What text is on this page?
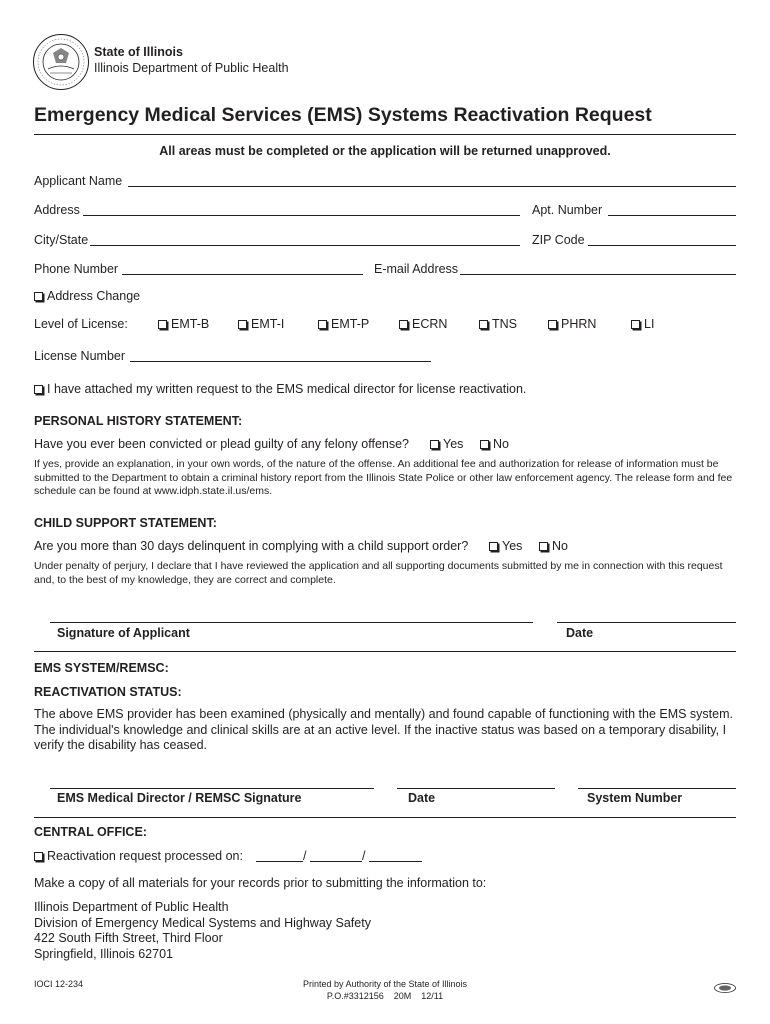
State of Illinois
Illinois Department of Public Health
Emergency Medical Services (EMS) Systems Reactivation Request
All areas must be completed or the application will be returned unapproved.
Applicant Name
Address	Apt. Number
City/State	ZIP Code
Phone Number	E-mail Address
Address Change
Level of License:	EMT-B	EMT-I	EMT-P	ECRN	TNS	PHRN	LI
License Number
I have attached my written request to the EMS medical director for license reactivation.
PERSONAL HISTORY STATEMENT:
Have you ever been convicted or plead guilty of any felony offense?	Yes	No
If yes, provide an explanation, in your own words, of the nature of the offense. An additional fee and authorization for release of information must be submitted to the Department to obtain a criminal history report from the Illinois State Police or other law enforcement agency. The release form and fee schedule can be found at www.idph.state.il.us/ems.
CHILD SUPPORT STATEMENT:
Are you more than 30 days delinquent in complying with a child support order?	Yes	No
Under penalty of perjury, I declare that I have reviewed the application and all supporting documents submitted by me in connection with this request and, to the best of my knowledge, they are correct and complete.
Signature of Applicant	Date
EMS SYSTEM/REMSC:
REACTIVATION STATUS:
The above EMS provider has been examined (physically and mentally) and found capable of functioning with the EMS system. The individual's knowledge and clinical skills are at an active level. If the inactive status was based on a temporary disability, I verify the disability has ceased.
EMS Medical Director / REMSC Signature	Date	System Number
CENTRAL OFFICE:
Reactivation request processed on:	/	/
Make a copy of all materials for your records prior to submitting the information to:
Illinois Department of Public Health
Division of Emergency Medical Systems and Highway Safety
422 South Fifth Street, Third Floor
Springfield, Illinois 62701
IOCI 12-234	Printed by Authority of the State of Illinois
P.O.#3312156    20M    12/11
